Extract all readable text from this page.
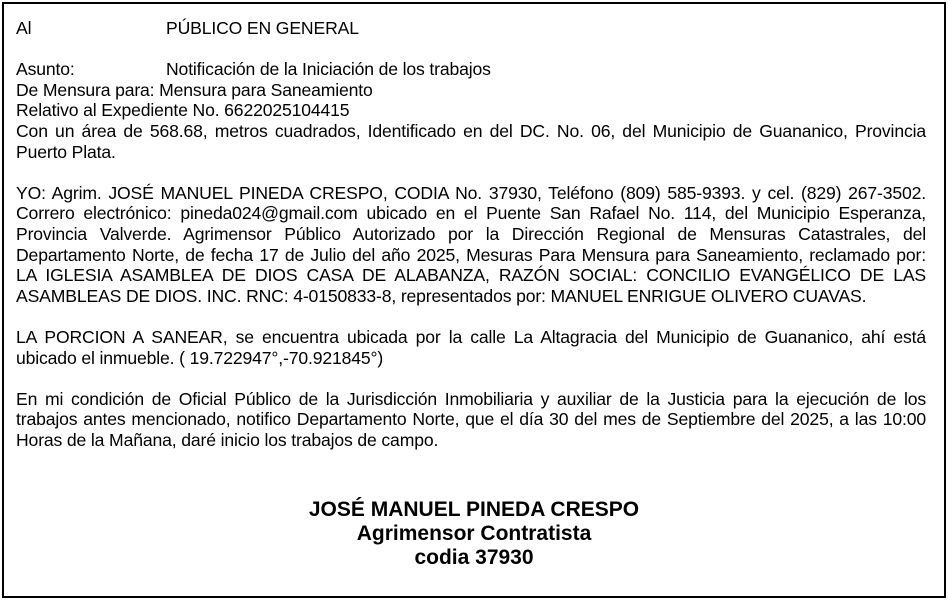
Al	PÚBLICO EN GENERAL
Asunto:	Notificación de la Iniciación de los trabajos
De Mensura para: Mensura para Saneamiento
Relativo al Expediente No. 6622025104415
Con un área de 568.68, metros cuadrados, Identificado en del DC. No. 06, del Municipio de Guananico, Provincia Puerto Plata.
YO: Agrim. JOSÉ MANUEL PINEDA CRESPO, CODIA No. 37930, Teléfono (809) 585-9393. y cel. (829) 267-3502. Correro electrónico: pineda024@gmail.com ubicado en el Puente San Rafael No. 114, del Municipio Esperanza, Provincia Valverde. Agrimensor Público Autorizado por la Dirección Regional de Mensuras Catastrales, del Departamento Norte, de fecha 17 de Julio del año 2025, Mesuras Para Mensura para Saneamiento, reclamado por: LA IGLESIA ASAMBLEA DE DIOS CASA DE ALABANZA, RAZÓN SOCIAL: CONCILIO EVANGÉLICO DE LAS ASAMBLEAS DE DIOS. INC. RNC: 4-0150833-8, representados por: MANUEL ENRIGUE OLIVERO CUAVAS.
LA PORCION A SANEAR, se encuentra ubicada por la calle La Altagracia del Municipio de Guananico, ahí está ubicado el inmueble. ( 19.722947°,-70.921845°)
En mi condición de Oficial Público de la Jurisdicción Inmobiliaria y auxiliar de la Justicia para la ejecución de los trabajos antes mencionado, notifico Departamento Norte, que el día 30 del mes de Septiembre del 2025, a las 10:00 Horas de la Mañana, daré inicio los trabajos de campo.
JOSÉ MANUEL PINEDA CRESPO
Agrimensor Contratista
codia 37930
